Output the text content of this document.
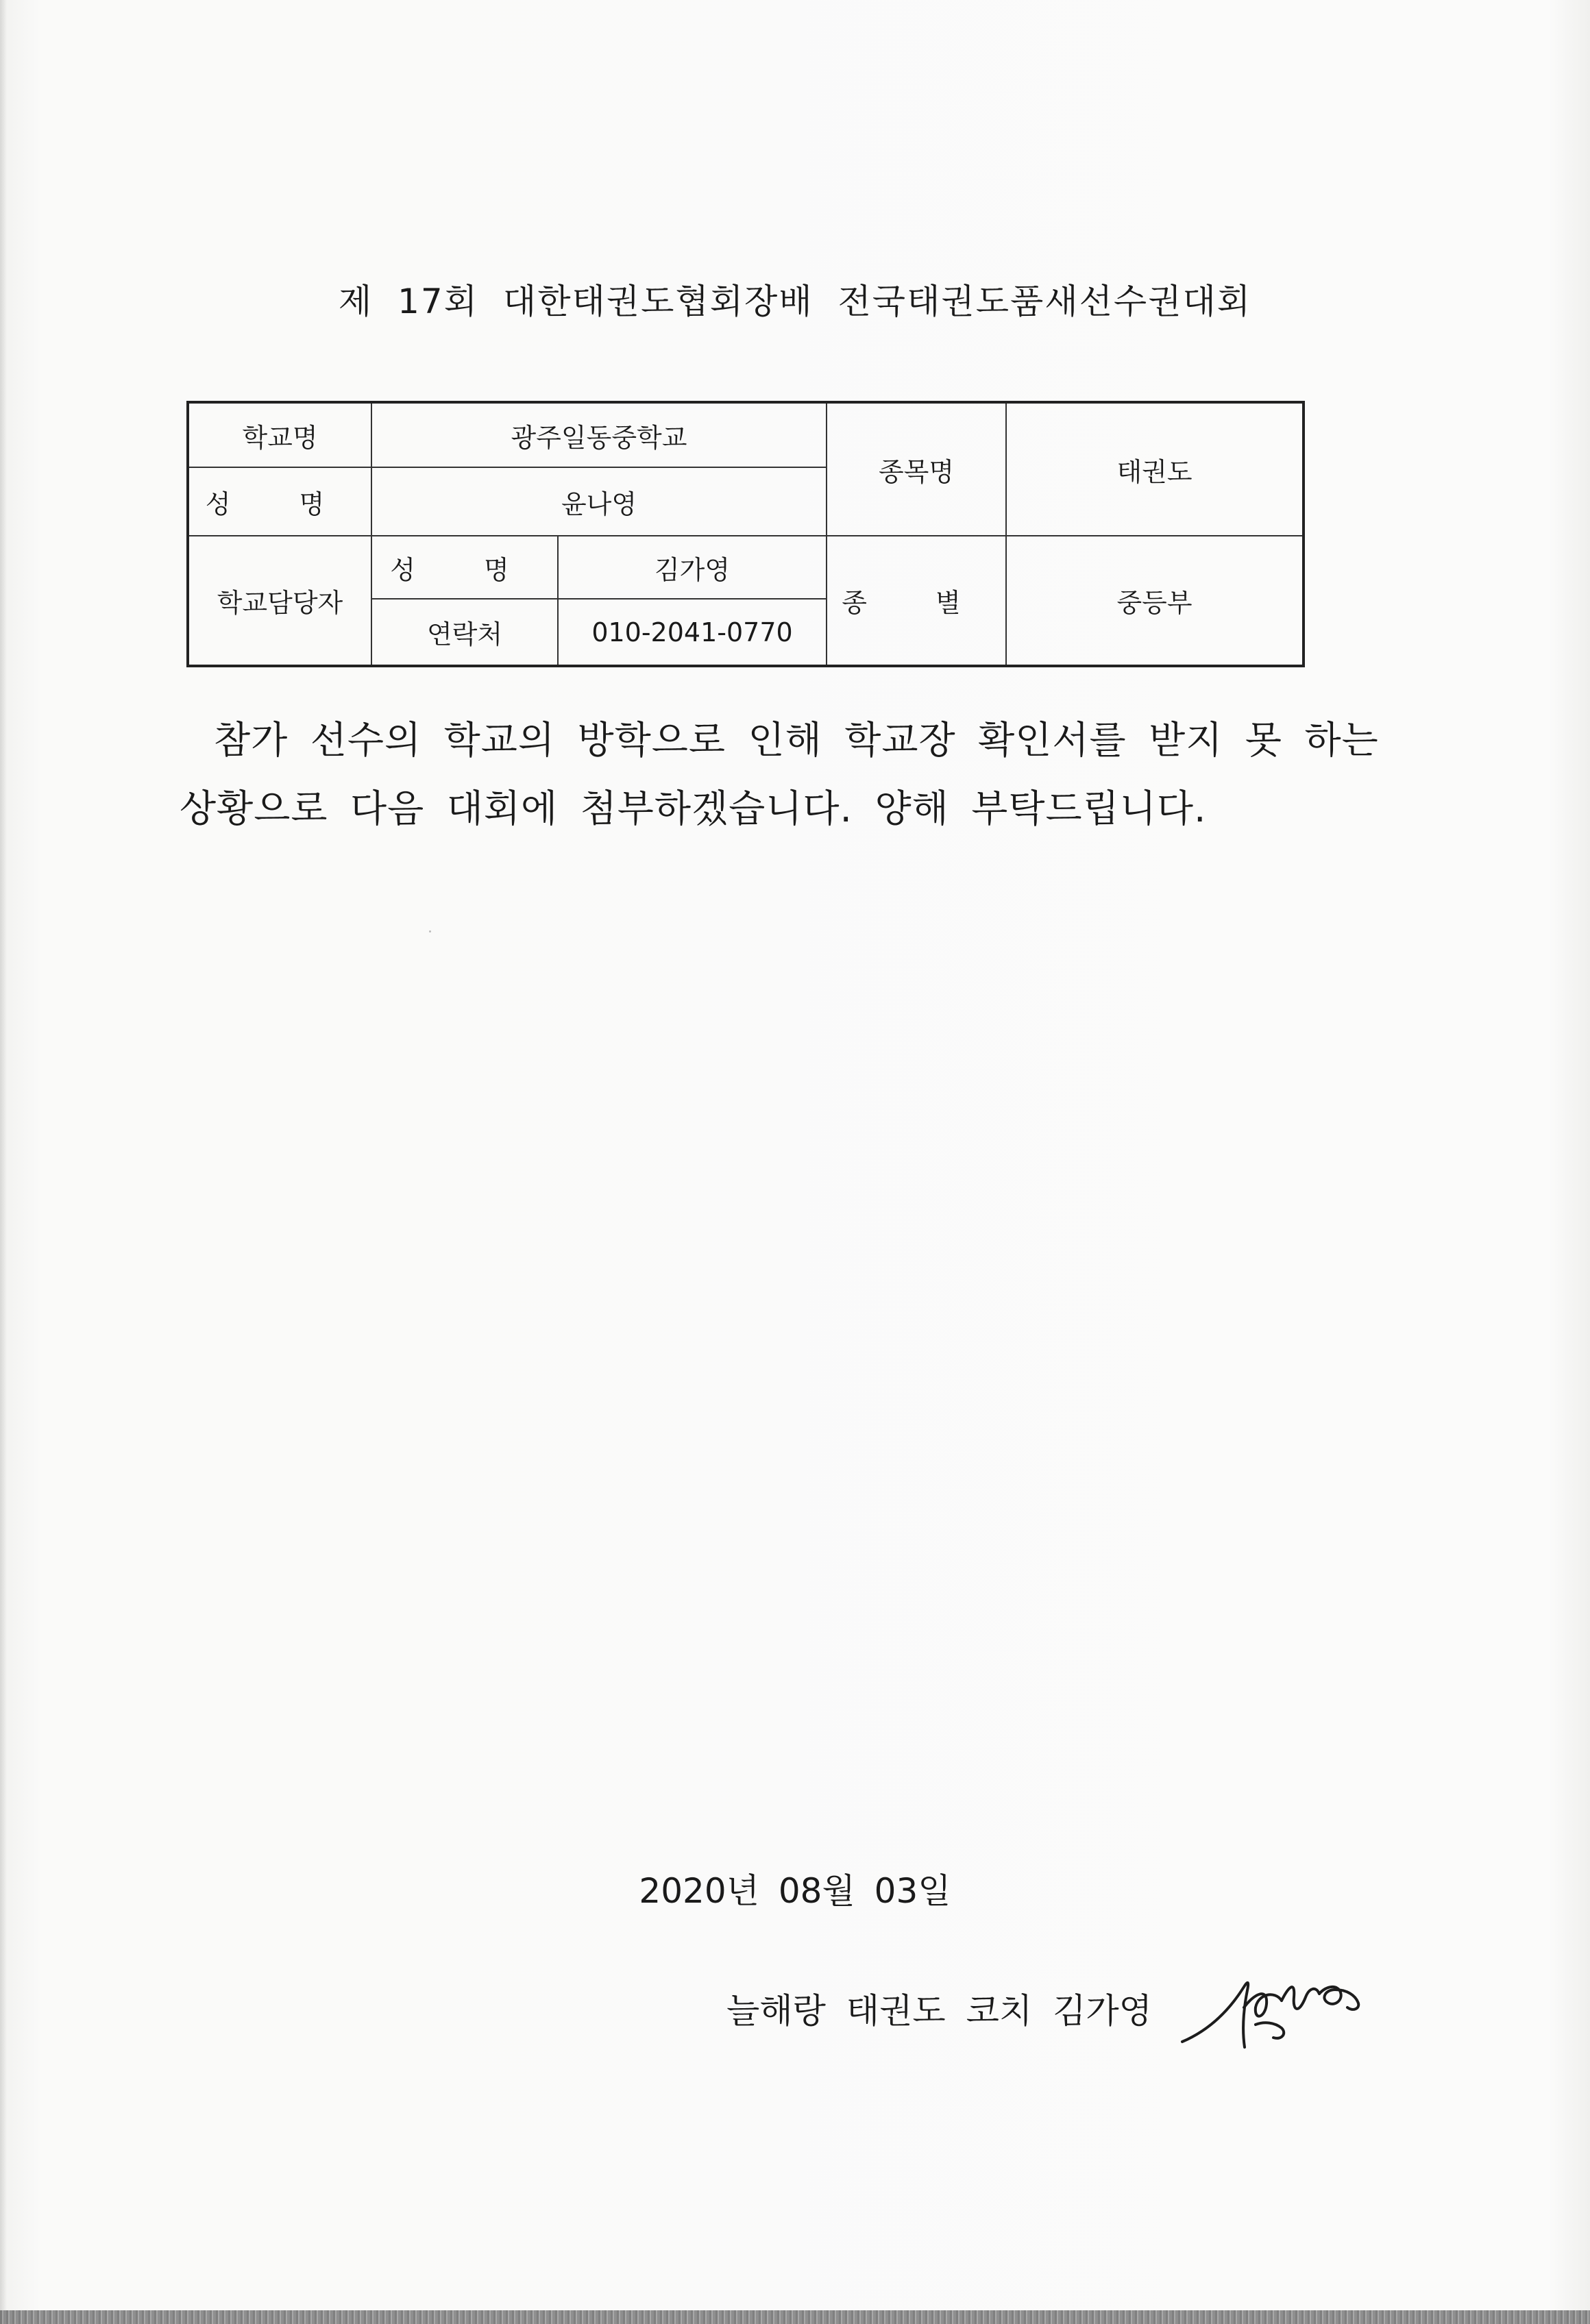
제 17회 대한태권도협회장배 전국태권도품새선수권대회
학교명	광주일동중학교		종목명	태권도
성 명	윤나영			
학교담당자	성 명	김가영	종 별	중등부
	연락처	010-2041-0770		
참가 선수의 학교의 방학으로 인해 학교장 확인서를 받지 못 하는
상황으로 다음 대회에 첨부하겠습니다. 양해 부탁드립니다.
2020년 08월 03일
늘해랑 태권도 코치 김가영
